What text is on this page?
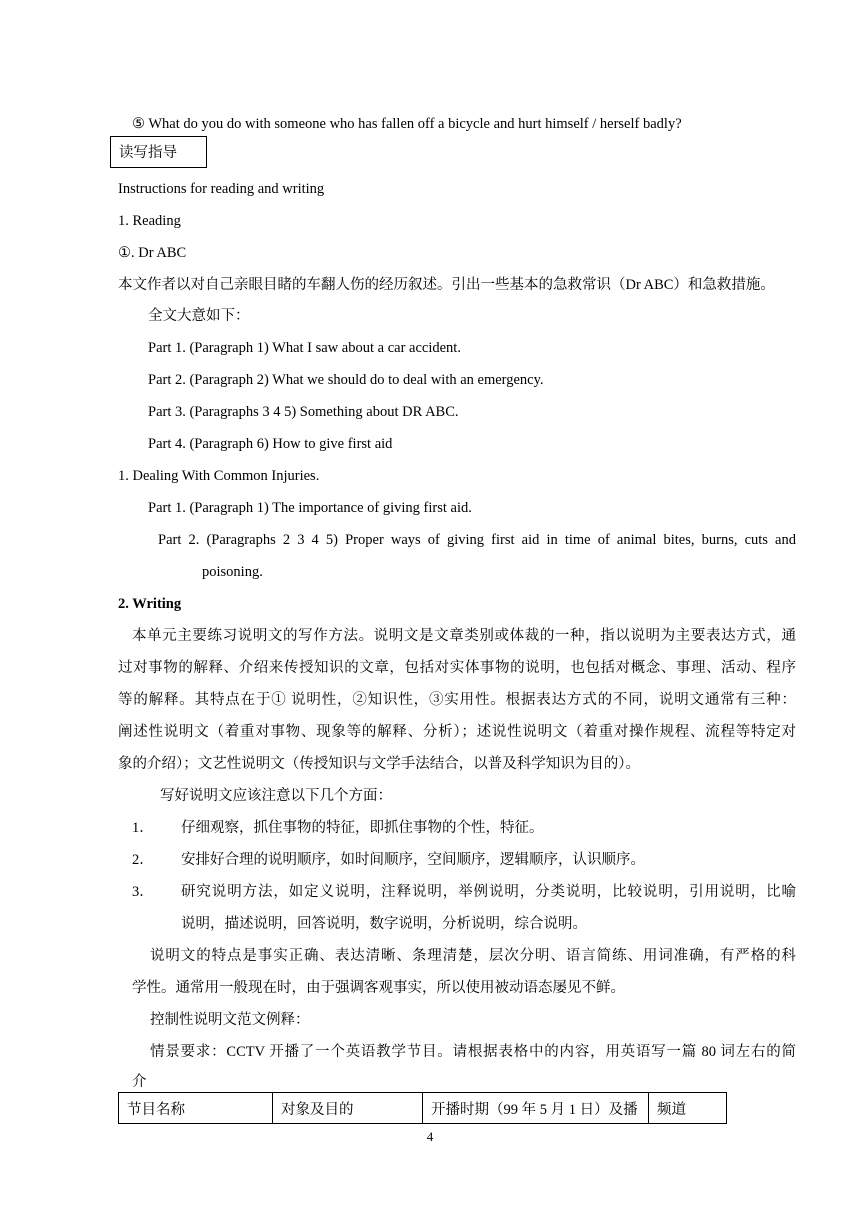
⑤ What do you do with someone who has fallen off a bicycle and hurt himself / herself badly?
读写指导
Instructions for reading and writing
1. Reading
①. Dr ABC
本文作者以对自己亲眼目睹的车翻人伤的经历叙述。引出一些基本的急救常识（Dr ABC）和急救措施。
全文大意如下：
Part 1. (Paragraph 1) What I saw about a car accident.
Part 2. (Paragraph 2) What we should do to deal with an emergency.
Part 3. (Paragraphs 3 4 5) Something about DR ABC.
Part 4. (Paragraph 6) How to give first aid
1. Dealing With Common Injuries.
Part 1. (Paragraph 1) The importance of giving first aid.
Part 2. (Paragraphs 2 3 4 5) Proper ways of giving first aid in time of animal bites, burns, cuts and
poisoning.
2. Writing
本单元主要练习说明文的写作方法。说明文是文章类别或体裁的一种，指以说明为主要表达方式，通
过对事物的解释、介绍来传授知识的文章，包括对实体事物的说明，也包括对概念、事理、活动、程序
等的解释。其特点在于① 说明性，②知识性，③实用性。根据表达方式的不同，说明文通常有三种：
阐述性说明文（着重对事物、现象等的解释、分析）；述说性说明文（着重对操作规程、流程等特定对
象的介绍）；文艺性说明文（传授知识与文学手法结合，以普及科学知识为目的）。
写好说明文应该注意以下几个方面：
1． 仔细观察，抓住事物的特征，即抓住事物的个性，特征。
2． 安排好合理的说明顺序，如时间顺序，空间顺序，逻辑顺序，认识顺序。
3． 研究说明方法，如定义说明，注释说明，举例说明，分类说明，比较说明，引用说明，比喻
说明，描述说明，回答说明，数字说明，分析说明，综合说明。
说明文的特点是事实正确、表达清晰、条理清楚，层次分明、语言简练、用词准确，有严格的科
学性。通常用一般现在时，由于强调客观事实，所以使用被动语态屡见不鲜。
控制性说明文范文例释：
情景要求：CCTV 开播了一个英语教学节目。请根据表格中的内容，用英语写一篇 80 词左右的简
介
节目名称	对象及目的	开播时期（99 年 5 月 1 日）及播	频道
4
